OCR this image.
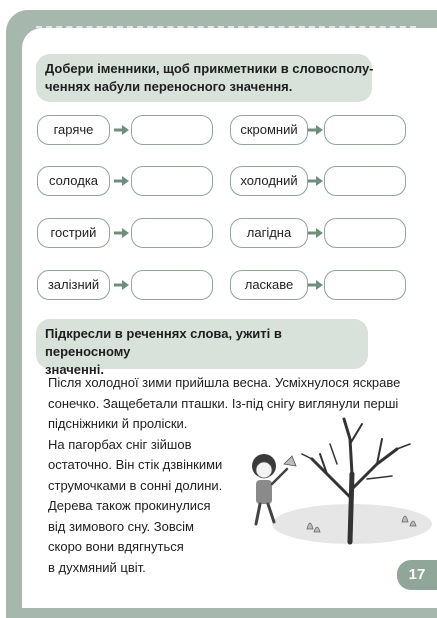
Добери іменники, щоб прикметники в словосполу-
ченнях набули переносного значення.
гаряче
солодка
гострий
залізний
скромний
холодний
лагідна
ласкаве
Підкресли в реченнях слова, ужиті в переносному
значенні.
Після холодної зими прийшла весна. Усміхнулося яскраве
сонечко. Защебетали пташки. Із-під снігу виглянули перші
підсніжники й проліски.
На пагорбах сніг зійшов
остаточно. Він стік дзвінкими
струмочками в сонні долини.
Дерева також прокинулися
від зимового сну. Зовсім
скоро вони вдягнуться
в духмяний цвіт.	17
